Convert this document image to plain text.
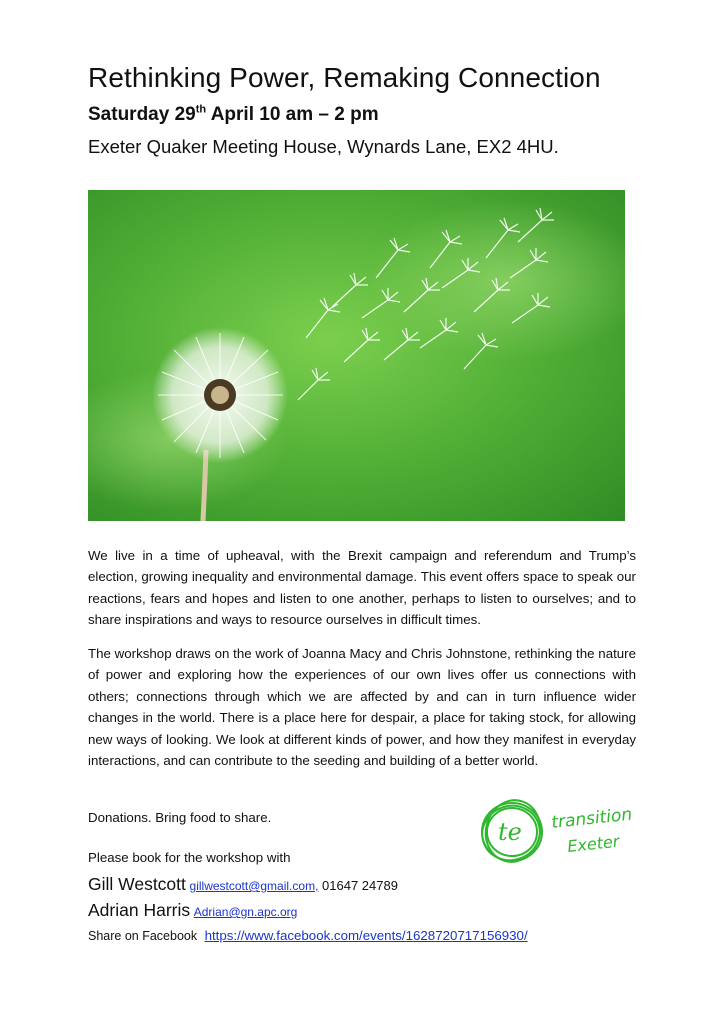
Rethinking Power, Remaking Connection
Saturday 29th April 10 am – 2 pm
Exeter Quaker Meeting House, Wynards Lane, EX2 4HU.

We live in a time of upheaval, with the Brexit campaign and referendum and Trump’s election, growing inequality and environmental damage. This event offers space to speak our reactions, fears and hopes and listen to one another, perhaps to listen to ourselves; and to share inspirations and ways to resource ourselves in difficult times.

The workshop draws on the work of Joanna Macy and Chris Johnstone, rethinking the nature of power and exploring how the experiences of our own lives offer us connections with others; connections through which we are affected by and can in turn influence wider changes in the world. There is a place here for despair, a place for taking stock, for allowing new ways of looking. We look at different kinds of power, and how they manifest in everyday interactions, and can contribute to the seeding and building of a better world.

Donations. Bring food to share.

te transition
Exeter
Please book for the workshop with
Gill Westcott gillwestcott@gmail.com, 01647 24789
Adrian Harris Adrian@gn.apc.org
Share on Facebook https://www.facebook.com/events/1628720717156930/
